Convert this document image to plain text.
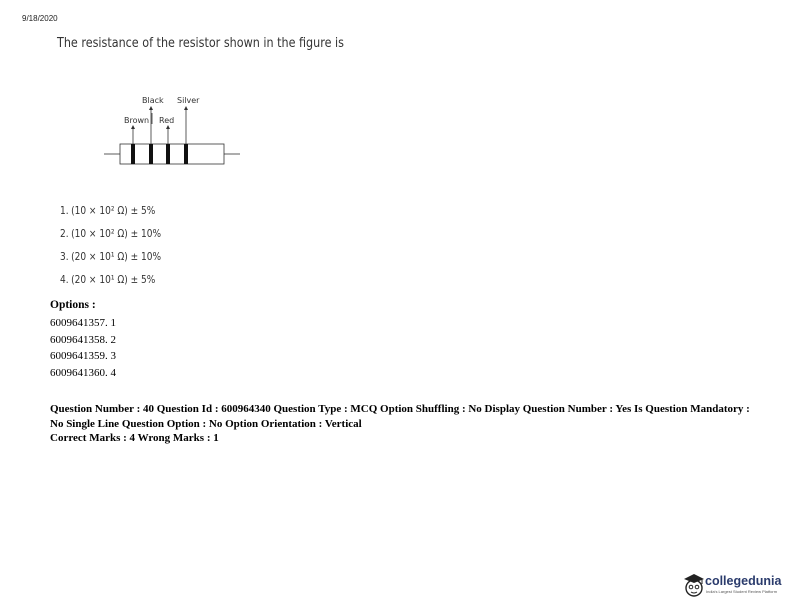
9/18/2020
The resistance of the resistor shown in the figure is
Black Silver
Brown Red
1. (10 × 10² Ω) ± 5%
2. (10 × 10² Ω) ± 10%
3. (20 × 10¹ Ω) ± 10%
4. (20 × 10¹ Ω) ± 5%
Options :
6009641357. 1
6009641358. 2
6009641359. 3
6009641360. 4
Question Number : 40 Question Id : 600964340 Question Type : MCQ Option Shuffling : No Display Question Number : Yes Is Question Mandatory : No Single Line Question Option : No Option Orientation : Vertical
Correct Marks : 4 Wrong Marks : 1
collegedunia
India's Largest Student Review Platform
